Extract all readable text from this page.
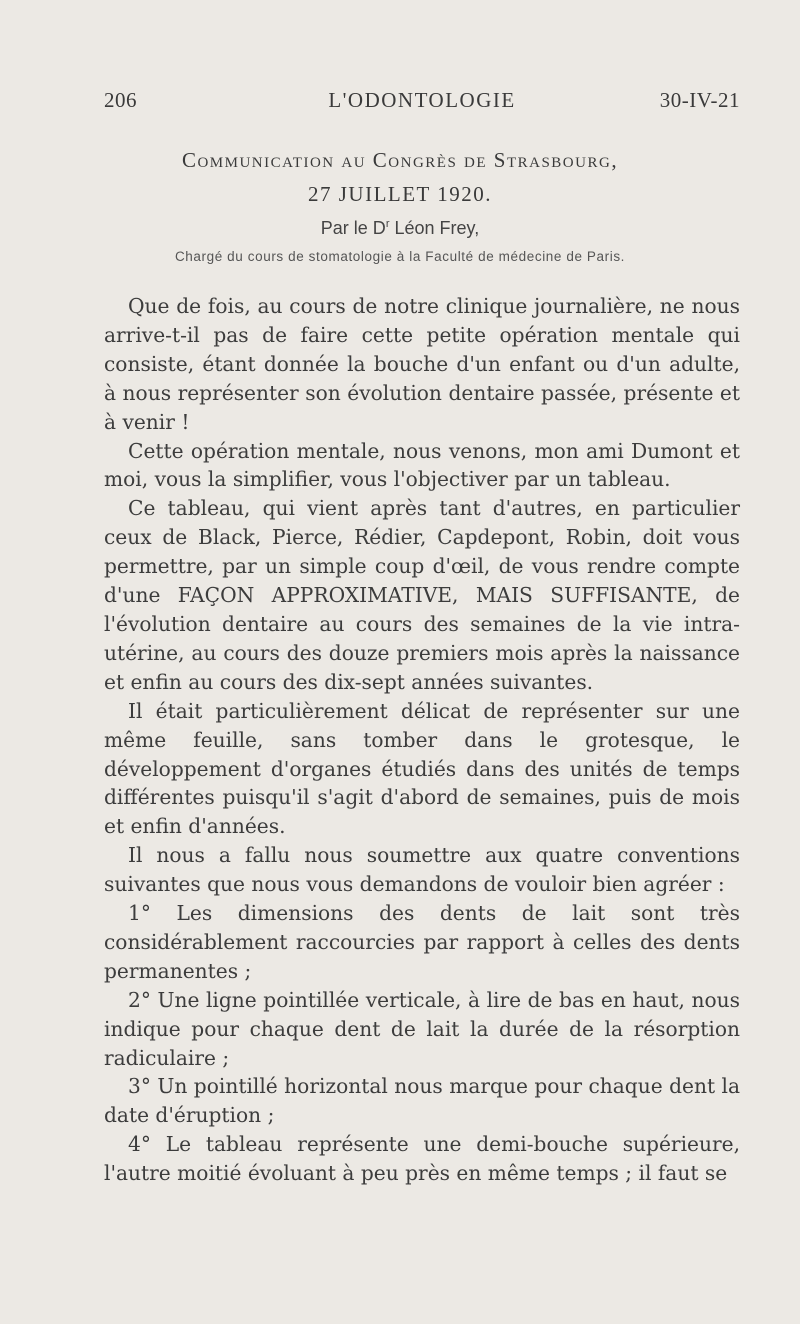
206	L'ODONTOLOGIE	30-IV-21
Communication au Congrès de Strasbourg,
27 JUILLET 1920.
Par le $D^r$ Léon Frey,
Chargé du cours de stomatologie à la Faculté de médecine de Paris.

Que de fois, au cours de notre clinique journalière, ne nous arrive-t-il pas de faire cette petite opération mentale qui consiste, étant donnée la bouche d'un enfant ou d'un adulte, à nous représenter son évolution dentaire passée, présente et à venir !

Cette opération mentale, nous venons, mon ami Dumont et moi, vous la simplifier, vous l'objectiver par un tableau.

Ce tableau, qui vient après tant d'autres, en particulier ceux de Black, Pierce, Rédier, Capdepont, Robin, doit vous permettre, par un simple coup d'œil, de vous rendre compte d'une FAÇON APPROXIMATIVE, MAIS SUFFISANTE, de l'évolution dentaire au cours des semaines de la vie intra-utérine, au cours des douze premiers mois après la naissance et enfin au cours des dix-sept années suivantes.

Il était particulièrement délicat de représenter sur une même feuille, sans tomber dans le grotesque, le développement d'organes étudiés dans des unités de temps différentes puisqu'il s'agit d'abord de semaines, puis de mois et enfin d'années.

Il nous a fallu nous soumettre aux quatre conventions suivantes que nous vous demandons de vouloir bien agréer :

1° Les dimensions des dents de lait sont très considérablement raccourcies par rapport à celles des dents permanentes ;

2° Une ligne pointillée verticale, à lire de bas en haut, nous indique pour chaque dent de lait la durée de la résorption radiculaire ;

3° Un pointillé horizontal nous marque pour chaque dent la date d'éruption ;

4° Le tableau représente une demi-bouche supérieure, l'autre moitié évoluant à peu près en même temps ; il faut se
